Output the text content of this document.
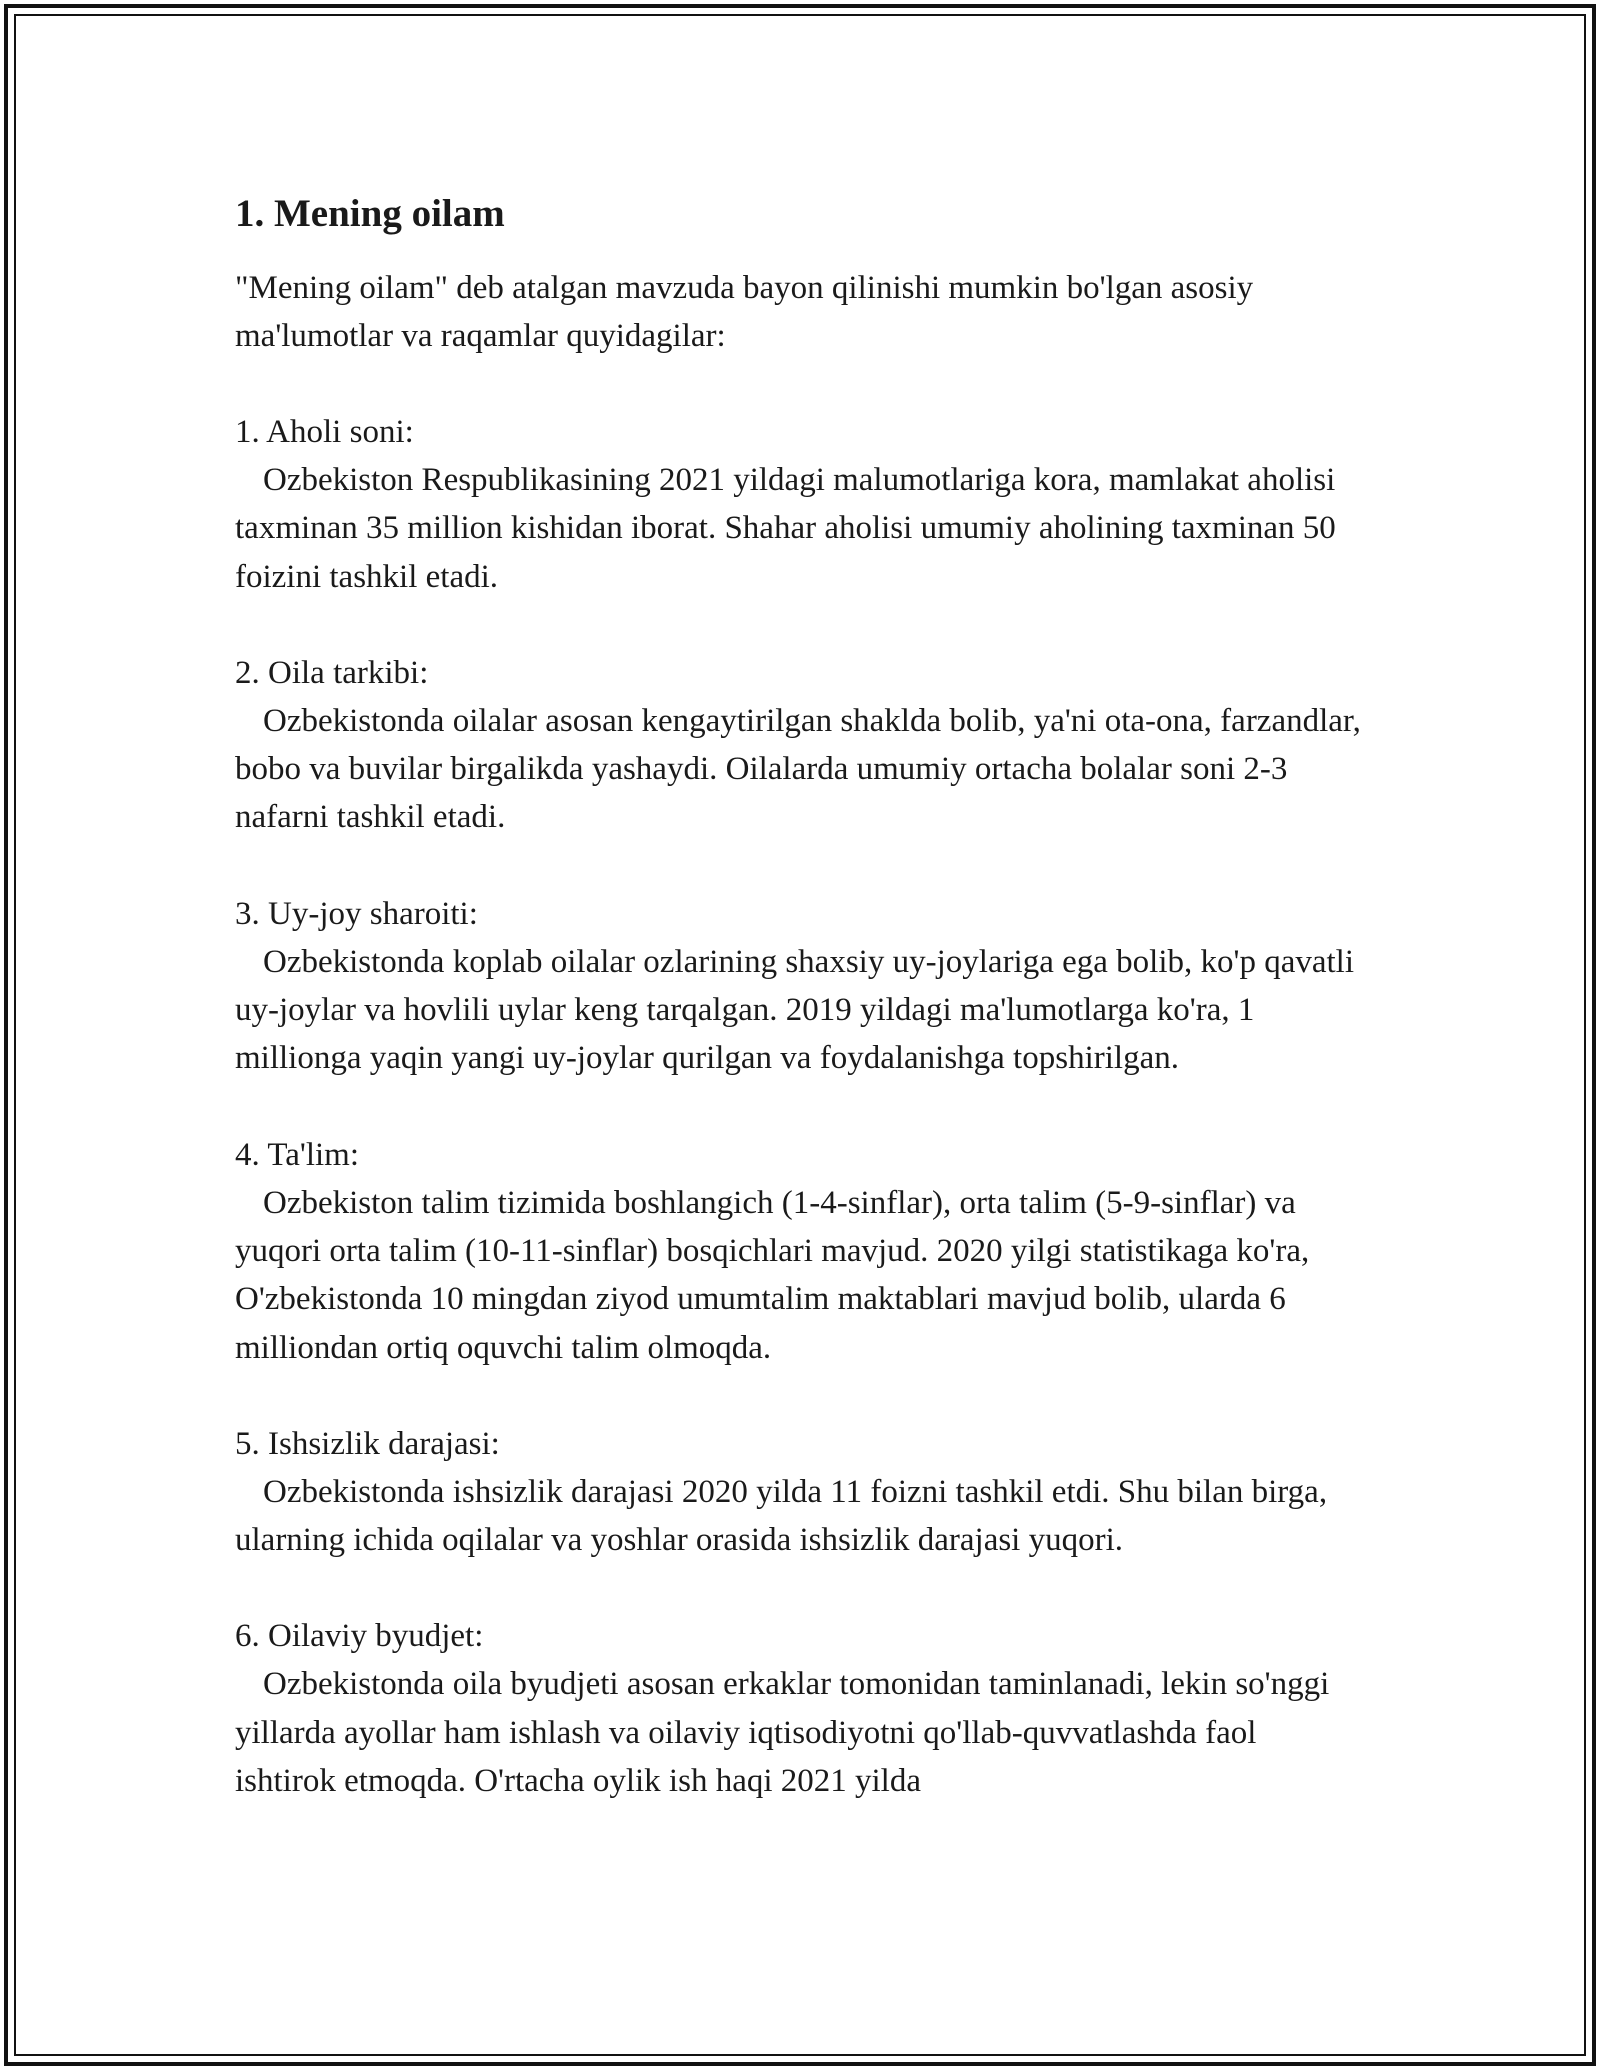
1. Mening oilam

"Mening oilam" deb atalgan mavzuda bayon qilinishi mumkin bo'lgan asosiy ma'lumotlar va raqamlar quyidagilar:

1. Aholi soni:

Ozbekiston Respublikasining 2021 yildagi malumotlariga kora, mamlakat aholisi taxminan 35 million kishidan iborat. Shahar aholisi umumiy aholining taxminan 50 foizini tashkil etadi.

2. Oila tarkibi:

Ozbekistonda oilalar asosan kengaytirilgan shaklda bolib, ya'ni ota-ona, farzandlar, bobo va buvilar birgalikda yashaydi. Oilalarda umumiy ortacha bolalar soni 2-3 nafarni tashkil etadi.

3. Uy-joy sharoiti:

Ozbekistonda koplab oilalar ozlarining shaxsiy uy-joylariga ega bolib, ko'p qavatli uy-joylar va hovlili uylar keng tarqalgan. 2019 yildagi ma'lumotlarga ko'ra, 1 millionga yaqin yangi uy-joylar qurilgan va foydalanishga topshirilgan.

4. Ta'lim:

Ozbekiston talim tizimida boshlangich (1-4-sinflar), orta talim (5-9-sinflar) va yuqori orta talim (10-11-sinflar) bosqichlari mavjud. 2020 yilgi statistikaga ko'ra, O'zbekistonda 10 mingdan ziyod umumtalim maktablari mavjud bolib, ularda 6 milliondan ortiq oquvchi talim olmoqda.

5. Ishsizlik darajasi:

Ozbekistonda ishsizlik darajasi 2020 yilda 11 foizni tashkil etdi. Shu bilan birga, ularning ichida oqilalar va yoshlar orasida ishsizlik darajasi yuqori.

6. Oilaviy byudjet:

Ozbekistonda oila byudjeti asosan erkaklar tomonidan taminlanadi, lekin so'nggi yillarda ayollar ham ishlash va oilaviy iqtisodiyotni qo'llab-quvvatlashda faol ishtirok etmoqda. O'rtacha oylik ish haqi 2021 yilda
